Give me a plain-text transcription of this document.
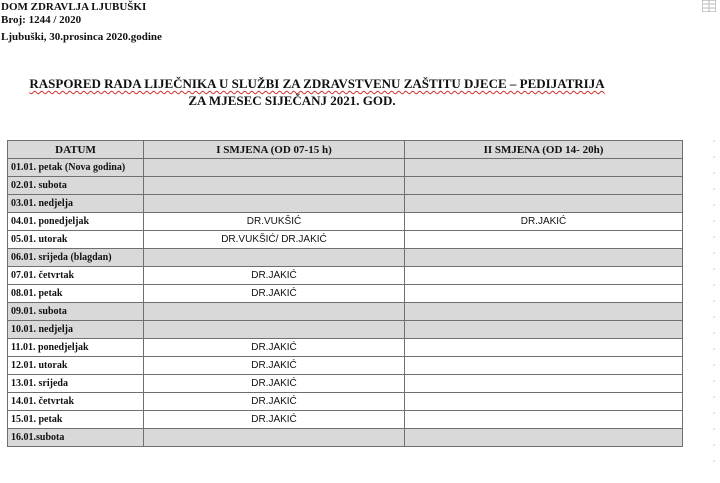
DOM ZDRAVLJA LJUBUŠKI
Broj: 1244 / 2020
Ljubuški, 30.prosinca 2020.godine
RASPORED RADA LIJEČNIKA U SLUŽBI ZA ZDRAVSTVENU ZAŠTITU DJECE – PEDIJATRIJA
ZA MJESEC SIJEČANJ 2021. GOD.
DATUM	I SMJENA (OD 07-15 h)	II SMJENA (OD 14- 20h)
01.01. petak (Nova godina)		
02.01. subota		
03.01. nedjelja		
04.01. ponedjeljak	DR.VUKŠIĆ	DR.JAKIĆ
05.01. utorak	DR.VUKŠIĆ/ DR.JAKIĆ	
06.01. srijeda (blagdan)		
07.01. četvrtak	DR.JAKIĆ	
08.01. petak	DR.JAKIĆ	
09.01. subota		
10.01. nedjelja		
11.01. ponedjeljak	DR.JAKIĆ	
12.01. utorak	DR.JAKIĆ	
13.01. srijeda	DR.JAKIĆ	
14.01. četvrtak	DR.JAKIĆ	
15.01. petak	DR.JAKIĆ	
16.01.subota		
